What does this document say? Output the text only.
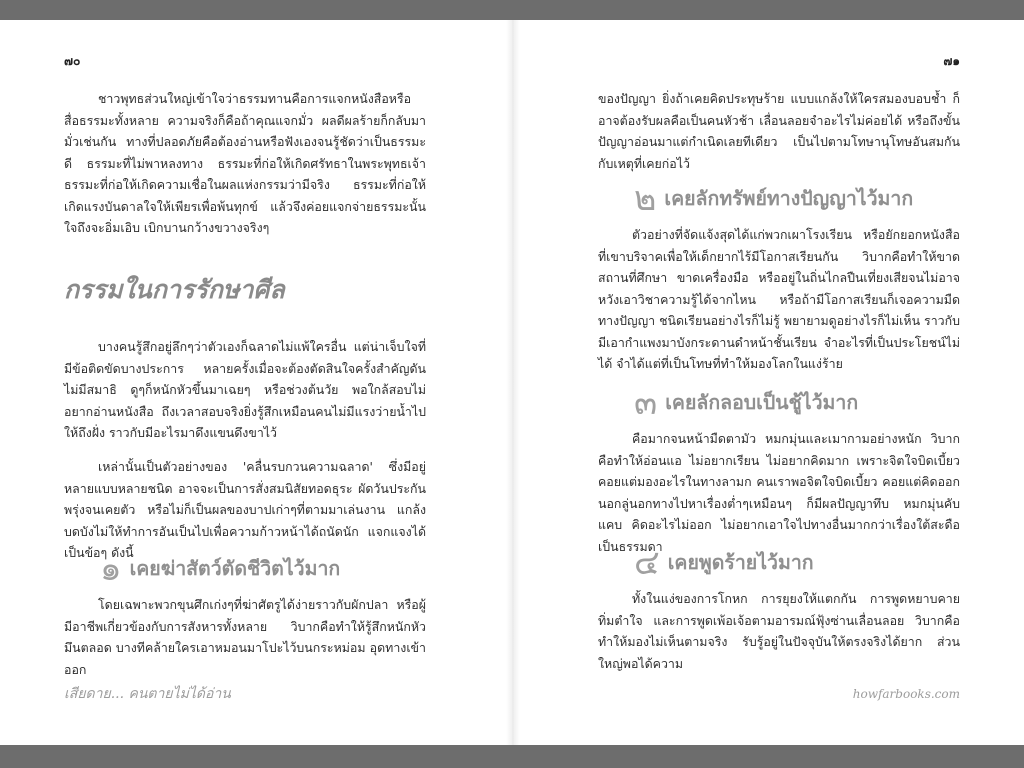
๗๐

ชาวพุทธส่วนใหญ่เข้าใจว่าธรรมทานคือการแจกหนังสือหรือสื่อธรรมะทั้งหลาย ความจริงก็คือถ้าคุณแจกมั่ว ผลดีผลร้ายก็กลับมามั่วเช่นกัน ทางที่ปลอดภัยคือต้องอ่านหรือฟังเองจนรู้ชัดว่าเป็นธรรมะดี ธรรมะที่ไม่พาหลงทาง ธรรมะที่ก่อให้เกิดศรัทธาในพระพุทธเจ้า ธรรมะที่ก่อให้เกิดความเชื่อในผลแห่งกรรมว่ามีจริง ธรรมะที่ก่อให้เกิดแรงบันดาลใจให้เพียรเพื่อพ้นทุกข์ แล้วจึงค่อยแจกจ่ายธรรมะนั้น ใจถึงจะอิ่มเอิบ เบิกบานกว้างขวางจริงๆ

กรรมในการรักษาศีล

บางคนรู้สึกอยู่ลึกๆว่าตัวเองก็ฉลาดไม่แพ้ใครอื่น แต่น่าเจ็บใจที่มีข้อติดขัดบางประการ หลายครั้งเมื่อจะต้องตัดสินใจครั้งสำคัญดันไม่มีสมาธิ ดูๆก็หนักหัวขึ้นมาเฉยๆ หรือช่วงต้นวัย พอใกล้สอบไม่อยากอ่านหนังสือ ถึงเวลาสอบจริงยิ่งรู้สึกเหมือนคนไม่มีแรงว่ายน้ำไปให้ถึงฝั่ง ราวกับมีอะไรมาดึงแขนดึงขาไว้

เหล่านั้นเป็นตัวอย่างของ 'คลื่นรบกวนความฉลาด' ซึ่งมีอยู่หลายแบบหลายชนิด อาจจะเป็นการสั่งสมนิสัยทอดธุระ ผัดวันประกันพรุ่งจนเคยตัว หรือไม่ก็เป็นผลของบาปเก่าๆที่ตามมาเล่นงาน แกล้งบดบังไม่ให้ทำการอันเป็นไปเพื่อความก้าวหน้าได้ถนัดนัก แจกแจงได้เป็นข้อๆ ดังนี้

๑ เคยฆ่าสัตว์ตัดชีวิตไว้มาก

โดยเฉพาะพวกขุนศึกเก่งๆที่ฆ่าศัตรูได้ง่ายราวกับผักปลา หรือผู้มีอาชีพเกี่ยวข้องกับการสังหารทั้งหลาย วิบากคือทำให้รู้สึกหนักหัว มึนตลอด บางทีคล้ายใครเอาหมอนมาโปะไว้บนกระหม่อม อุดทางเข้าออก

เสียดาย... คนตายไม่ได้อ่าน
๗๑

ของปัญญา ยิ่งถ้าเคยคิดประทุษร้าย แบบแกล้งให้ใครสมองบอบช้ำ ก็อาจต้องรับผลคือเป็นคนหัวช้า เลื่อนลอยจำอะไรไม่ค่อยได้ หรือถึงขั้นปัญญาอ่อนมาแต่กำเนิดเลยทีเดียว เป็นไปตามโทษานุโทษอันสมกันกับเหตุที่เคยก่อไว้

๒ เคยลักทรัพย์ทางปัญญาไว้มาก

ตัวอย่างที่จัดแจ้งสุดได้แก่พวกเผาโรงเรียน หรือยักยอกหนังสือที่เขาบริจาคเพื่อให้เด็กยากไร้มีโอกาสเรียนกัน วิบากคือทำให้ขาดสถานที่ศึกษา ขาดเครื่องมือ หรืออยู่ในถิ่นไกลปืนเที่ยงเสียจนไม่อาจหวังเอาวิชาความรู้ได้จากไหน หรือถ้ามีโอกาสเรียนก็เจอความมืดทางปัญญา ชนิดเรียนอย่างไรก็ไม่รู้ พยายามดูอย่างไรก็ไม่เห็น ราวกับมีเอากำแพงมาบังกระดานดำหน้าชั้นเรียน จำอะไรที่เป็นประโยชน์ไม่ได้ จำได้แต่ที่เป็นโทษที่ทำให้มองโลกในแง่ร้าย

๓ เคยลักลอบเป็นชู้ไว้มาก

คือมากจนหน้ามืดตามัว หมกมุ่นและเมากามอย่างหนัก วิบากคือทำให้อ่อนแอ ไม่อยากเรียน ไม่อยากคิดมาก เพราะจิตใจบิดเบี้ยว คอยแต่มองอะไรในทางลามก คนเราพอจิตใจบิดเบี้ยว คอยแต่คิดออกนอกลู่นอกทางไปหาเรื่องต่ำๆเหมือนๆ ก็มีผลปัญญาทึบ หมกมุ่นคับแคบ คิดอะไรไม่ออก ไม่อยากเอาใจไปทางอื่นมากกว่าเรื่องใต้สะดือเป็นธรรมดา

๔ เคยพูดร้ายไว้มาก

ทั้งในแง่ของการโกหก การยุยงให้แตกกัน การพูดหยาบคายทิ่มตำใจ และการพูดเพ้อเจ้อตามอารมณ์ฟุ้งซ่านเลื่อนลอย วิบากคือทำให้มองไม่เห็นตามจริง รับรู้อยู่ในปัจจุบันให้ตรงจริงได้ยาก ส่วนใหญ่พอได้ความ

howfarbooks.com
